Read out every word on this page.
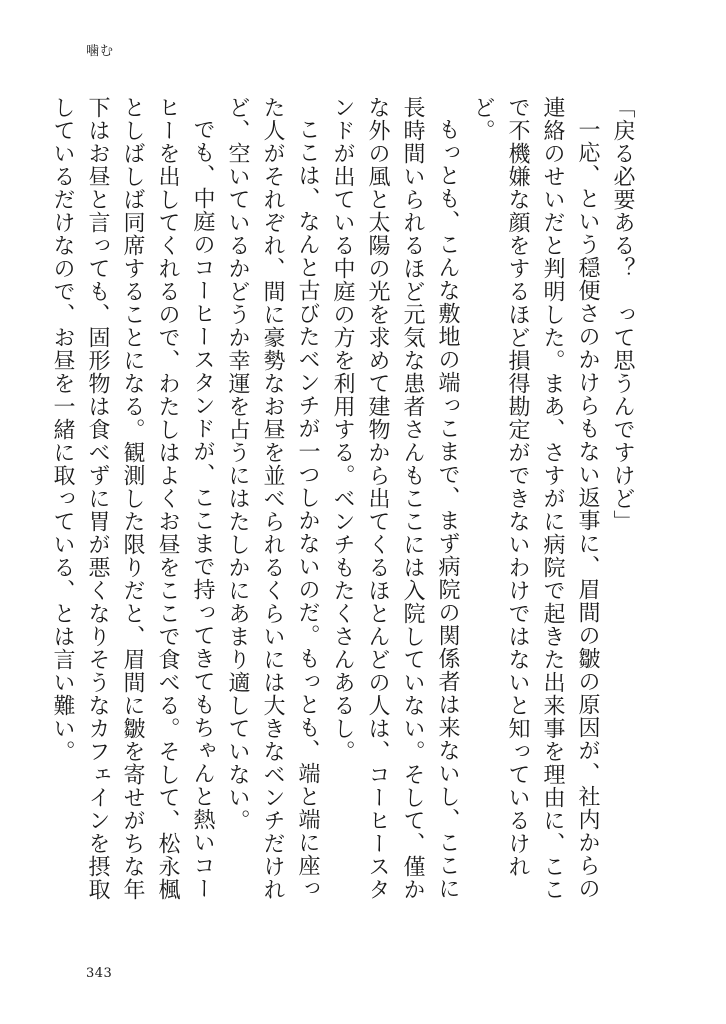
噛む

「戻る必要ある？　って思うんですけど」

一応、という穏便さのかけらもない返事に、眉間の皺の原因が、社内からの連絡のせいだと判明した。まあ、さすがに病院で起きた出来事を理由に、ここで不機嫌な顔をするほど損得勘定ができないわけではないと知っているけれど。

もっとも、こんな敷地の端っこまで、まず病院の関係者は来ないし、ここに長時間いられるほど元気な患者さんもここには入院していない。そして、僅かな外の風と太陽の光を求めて建物から出てくるほとんどの人は、コーヒースタンドが出ている中庭の方を利用する。ベンチもたくさんあるし。

ここは、なんと古びたベンチが一つしかないのだ。もっとも、端と端に座った人がそれぞれ、間に豪勢なお昼を並べられるくらいには大きなベンチだけれど、空いているかどうか幸運を占うにはたしかにあまり適していない。

でも、中庭のコーヒースタンドが、ここまで持ってきてもちゃんと熱いコーヒーを出してくれるので、わたしはよくお昼をここで食べる。そして、松永楓としばしば同席することになる。観測した限りだと、眉間に皺を寄せがちな年下はお昼と言っても、固形物は食べずに胃が悪くなりそうなカフェインを摂取しているだけなので、お昼を一緒に取っている、とは言い難い。

343
